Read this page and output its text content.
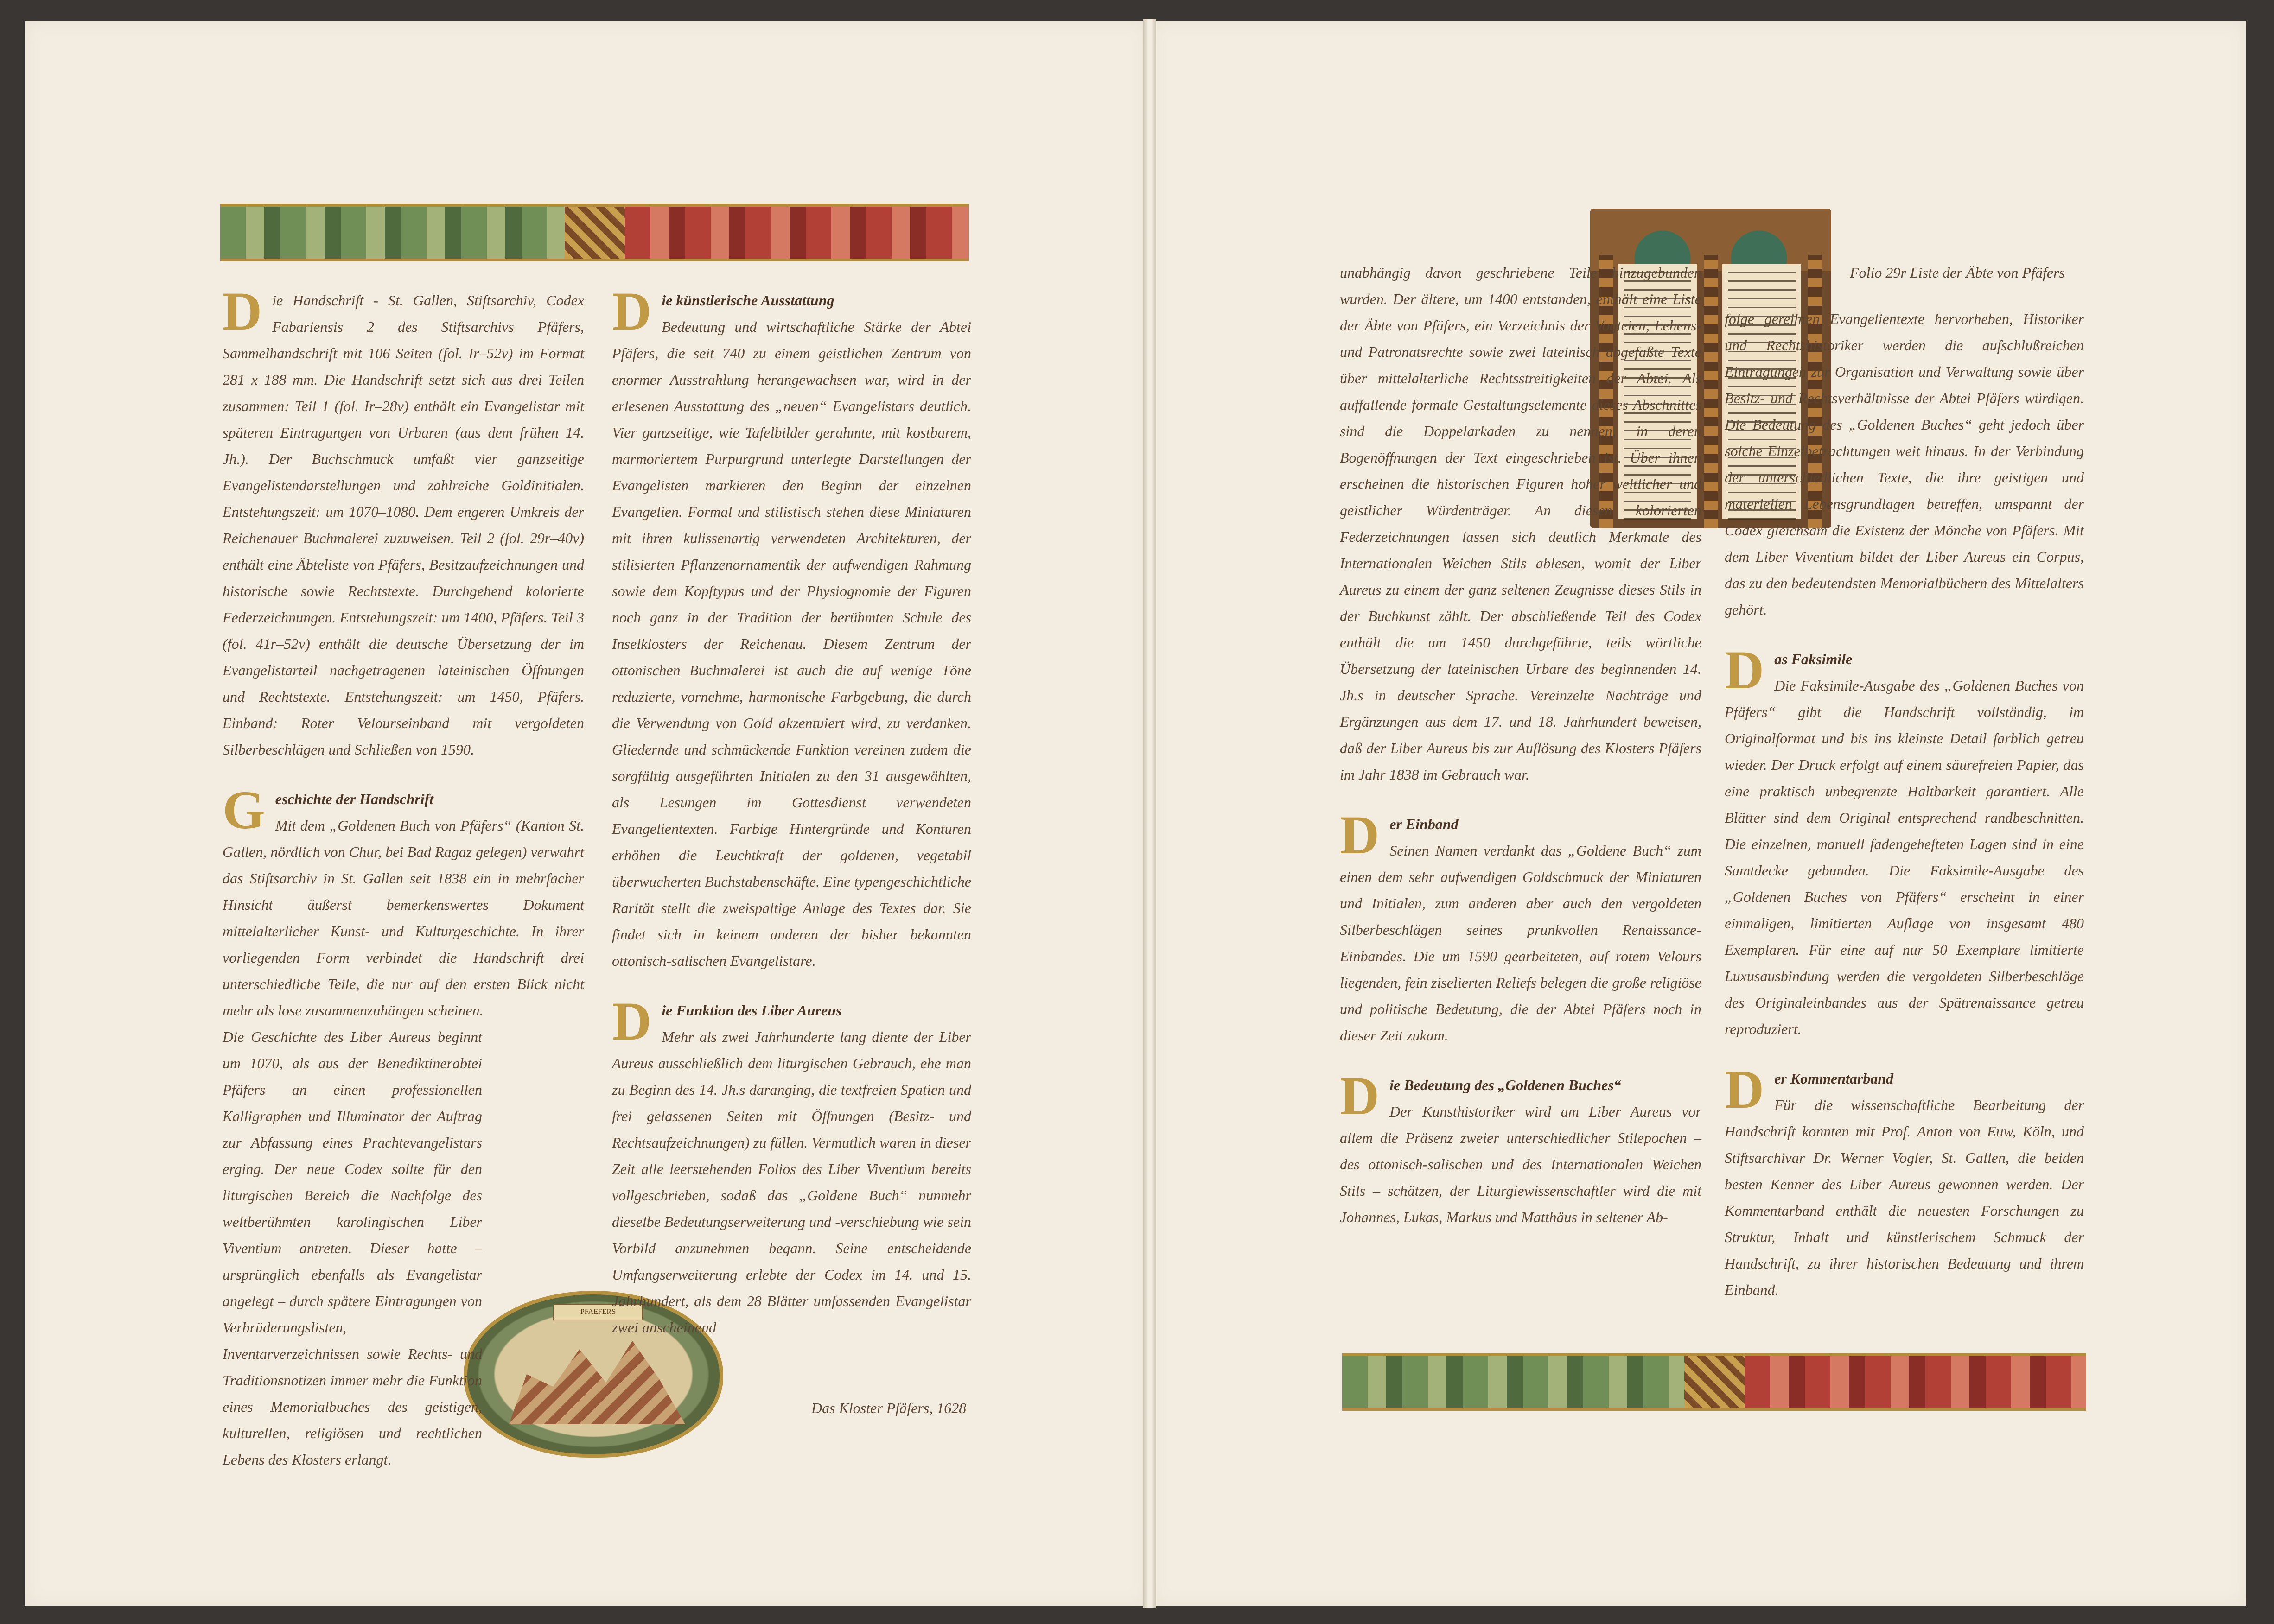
PFAEFERS
D ie Handschrift - St. Gallen, Stiftsarchiv, Codex Fabariensis 2 des Stiftsarchivs Pfäfers, Sammelhandschrift mit 106 Seiten (fol. Ir–52v) im Format 281 x 188 mm. Die Handschrift setzt sich aus drei Teilen zusammen: Teil 1 (fol. Ir–28v) enthält ein Evangelistar mit späteren Eintragungen von Urbaren (aus dem frühen 14. Jh.). Der Buchschmuck umfaßt vier ganzseitige Evangelistendarstellungen und zahlreiche Goldinitialen. Entstehungszeit: um 1070–1080. Dem engeren Umkreis der Reichenauer Buchmalerei zuzuweisen. Teil 2 (fol. 29r–40v) enthält eine Äbteliste von Pfäfers, Besitzaufzeichnungen und historische sowie Rechtstexte. Durchgehend kolorierte Federzeichnungen. Entstehungszeit: um 1400, Pfäfers. Teil 3 (fol. 41r–52v) enthält die deutsche Übersetzung der im Evangelistarteil nachgetragenen lateinischen Öffnungen und Rechtstexte. Entstehungszeit: um 1450, Pfäfers. Einband: Roter Velourseinband mit vergoldeten Silberbeschlägen und Schließen von 1590.

G eschichte der Handschrift

Mit dem „Goldenen Buch von Pfäfers“ (Kanton St. Gallen, nördlich von Chur, bei Bad Ragaz gelegen) verwahrt das Stiftsarchiv in St. Gallen seit 1838 ein in mehrfacher Hinsicht äußerst bemerkenswertes Dokument mittelalterlicher Kunst- und Kulturgeschichte. In ihrer vorliegenden Form verbindet die Handschrift drei unterschiedliche Teile, die nur auf den ersten Blick nicht mehr als lose zusammenzuhängen scheinen.

Die Geschichte des Liber Aureus beginnt um 1070, als aus der Benediktinerabtei Pfäfers an einen professionellen Kalligraphen und Illuminator der Auftrag zur Abfassung eines Prachtevangelistars erging. Der neue Codex sollte für den liturgischen Bereich die Nachfolge des weltberühmten karolingischen Liber Viventium antreten. Dieser hatte – ursprünglich ebenfalls als Evangelistar angelegt – durch spätere Eintragungen von Verbrüderungslisten, Inventarverzeichnissen sowie Rechts- und Traditionsnotizen immer mehr die Funktion eines Memorialbuches des geistigen, kulturellen, religiösen und rechtlichen Lebens des Klosters erlangt.

D ie künstlerische Ausstattung

Bedeutung und wirtschaftliche Stärke der Abtei Pfäfers, die seit 740 zu einem geistlichen Zentrum von enormer Ausstrahlung herangewachsen war, wird in der erlesenen Ausstattung des „neuen“ Evangelistars deutlich. Vier ganzseitige, wie Tafelbilder gerahmte, mit kostbarem, marmoriertem Purpurgrund unterlegte Darstellungen der Evangelisten markieren den Beginn der einzelnen Evangelien. Formal und stilistisch stehen diese Miniaturen mit ihren kulissenartig verwendeten Architekturen, der stilisierten Pflanzenornamentik der aufwendigen Rahmung sowie dem Kopftypus und der Physiognomie der Figuren noch ganz in der Tradition der berühmten Schule des Inselklosters der Reichenau. Diesem Zentrum der ottonischen Buchmalerei ist auch die auf wenige Töne reduzierte, vornehme, harmonische Farbgebung, die durch die Verwendung von Gold akzentuiert wird, zu verdanken. Gliedernde und schmückende Funktion vereinen zudem die sorgfältig ausgeführten Initialen zu den 31 ausgewählten, als Lesungen im Gottesdienst verwendeten Evangelientexten. Farbige Hintergründe und Konturen erhöhen die Leuchtkraft der goldenen, vegetabil überwucherten Buchstabenschäfte. Eine typengeschichtliche Rarität stellt die zweispaltige Anlage des Textes dar. Sie findet sich in keinem anderen der bisher bekannten ottonisch-salischen Evangelistare.

D ie Funktion des Liber Aureus

Mehr als zwei Jahrhunderte lang diente der Liber Aureus ausschließlich dem liturgischen Gebrauch, ehe man zu Beginn des 14. Jh.s daranging, die textfreien Spatien und frei gelassenen Seiten mit Öffnungen (Besitz- und Rechtsaufzeichnungen) zu füllen. Vermutlich waren in dieser Zeit alle leerstehenden Folios des Liber Viventium bereits vollgeschrieben, sodaß das „Goldene Buch“ nunmehr dieselbe Bedeutungserweiterung und -verschiebung wie sein Vorbild anzunehmen begann. Seine entscheidende Umfangserweiterung erlebte der Codex im 14. und 15. Jahrhundert, als dem 28 Blätter umfassenden Evangelistar zwei anscheinend

Das Kloster Pfäfers, 1628

unabhängig davon geschriebene Teile hinzugebunden wurden. Der ältere, um 1400 entstanden, enthält eine Liste der Äbte von Pfäfers, ein Verzeichnis der Vogteien, Lehens- und Patronatsrechte sowie zwei lateinisch abgefaßte Texte über mittelalterliche Rechtsstreitigkeiten der Abtei. Als auffallende formale Gestaltungselemente dieses Abschnittes sind die Doppelarkaden zu nennen, in deren Bogenöffnungen der Text eingeschrieben ist. Über ihnen erscheinen die historischen Figuren hoher weltlicher und geistlicher Würdenträger. An diesen kolorierten Federzeichnungen lassen sich deutlich Merkmale des Internationalen Weichen Stils ablesen, womit der Liber Aureus zu einem der ganz seltenen Zeugnisse dieses Stils in der Buchkunst zählt. Der abschließende Teil des Codex enthält die um 1450 durchgeführte, teils wörtliche Übersetzung der lateinischen Urbare des beginnenden 14. Jh.s in deutscher Sprache. Vereinzelte Nachträge und Ergänzungen aus dem 17. und 18. Jahrhundert beweisen, daß der Liber Aureus bis zur Auflösung des Klosters Pfäfers im Jahr 1838 im Gebrauch war.

D er Einband

Seinen Namen verdankt das „Goldene Buch“ zum einen dem sehr aufwendigen Goldschmuck der Miniaturen und Initialen, zum anderen aber auch den vergoldeten Silberbeschlägen seines prunkvollen Renaissance-Einbandes. Die um 1590 gearbeiteten, auf rotem Velours liegenden, fein ziselierten Reliefs belegen die große religiöse und politische Bedeutung, die der Abtei Pfäfers noch in dieser Zeit zukam.

D ie Bedeutung des „Goldenen Buches“

Der Kunsthistoriker wird am Liber Aureus vor allem die Präsenz zweier unterschiedlicher Stilepochen – des ottonisch-salischen und des Internationalen Weichen Stils – schätzen, der Liturgiewissenschaftler wird die mit Johannes, Lukas, Markus und Matthäus in seltener Ab-

Folio 29r Liste der Äbte von Pfäfers

folge gereihten Evangelientexte hervorheben, Historiker und Rechtshistoriker werden die aufschlußreichen Eintragungen zur Organisation und Verwaltung sowie über Besitz- und Rechtsverhältnisse der Abtei Pfäfers würdigen. Die Bedeutung des „Goldenen Buches“ geht jedoch über solche Einzelbetrachtungen weit hinaus. In der Verbindung der unterschiedlichen Texte, die ihre geistigen und materiellen Lebensgrundlagen betreffen, umspannt der Codex gleichsam die Existenz der Mönche von Pfäfers. Mit dem Liber Viventium bildet der Liber Aureus ein Corpus, das zu den bedeutendsten Memorialbüchern des Mittelalters gehört.

D as Faksimile

Die Faksimile-Ausgabe des „Goldenen Buches von Pfäfers“ gibt die Handschrift vollständig, im Originalformat und bis ins kleinste Detail farblich getreu wieder. Der Druck erfolgt auf einem säurefreien Papier, das eine praktisch unbegrenzte Haltbarkeit garantiert. Alle Blätter sind dem Original entsprechend randbeschnitten. Die einzelnen, manuell fadengehefteten Lagen sind in eine Samtdecke gebunden. Die Faksimile-Ausgabe des „Goldenen Buches von Pfäfers“ erscheint in einer einmaligen, limitierten Auflage von insgesamt 480 Exemplaren. Für eine auf nur 50 Exemplare limitierte Luxusausbindung werden die vergoldeten Silberbeschläge des Originaleinbandes aus der Spätrenaissance getreu reproduziert.

D er Kommentarband

Für die wissenschaftliche Bearbeitung der Handschrift konnten mit Prof. Anton von Euw, Köln, und Stiftsarchivar Dr. Werner Vogler, St. Gallen, die beiden besten Kenner des Liber Aureus gewonnen werden. Der Kommentarband enthält die neuesten Forschungen zu Struktur, Inhalt und künstlerischem Schmuck der Handschrift, zu ihrer historischen Bedeutung und ihrem Einband.
